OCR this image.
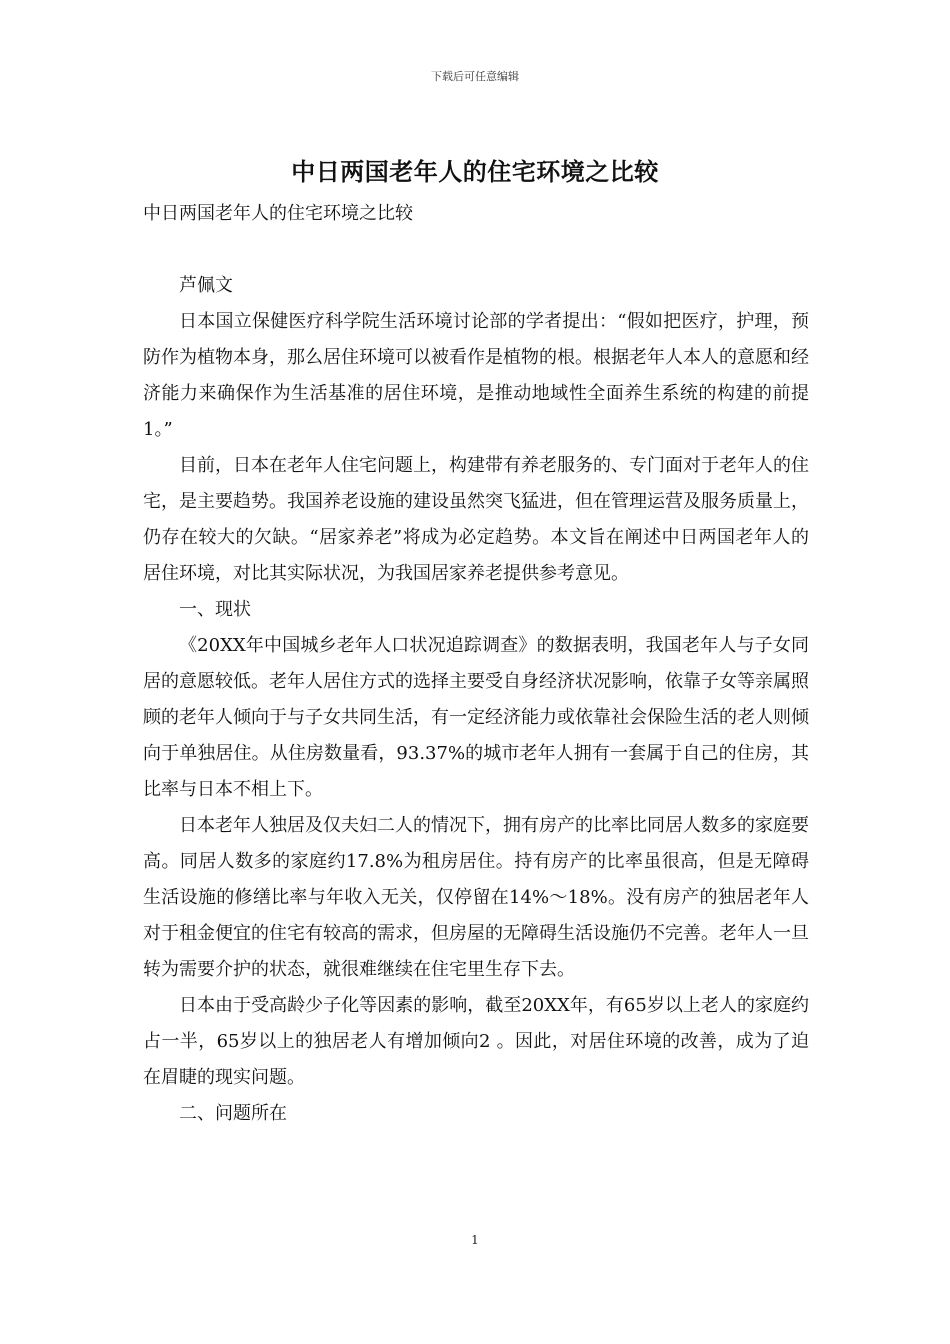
下载后可任意编辑
中日两国老年人的住宅环境之比较

中日两国老年人的住宅环境之比较

芦佩文

日本国立保健医疗科学院生活环境讨论部的学者提出：“假如把医疗，护理，预防作为植物本身，那么居住环境可以被看作是植物的根。根据老年人本人的意愿和经济能力来确保作为生活基准的居住环境，是推动地域性全面养生系统的构建的前提1。”

目前，日本在老年人住宅问题上，构建带有养老服务的、专门面对于老年人的住宅，是主要趋势。我国养老设施的建设虽然突飞猛进，但在管理运营及服务质量上，仍存在较大的欠缺。“居家养老”将成为必定趋势。本文旨在阐述中日两国老年人的居住环境，对比其实际状况，为我国居家养老提供参考意见。

一、现状

《20XX年中国城乡老年人口状况追踪调查》的数据表明，我国老年人与子女同居的意愿较低。老年人居住方式的选择主要受自身经济状况影响，依靠子女等亲属照顾的老年人倾向于与子女共同生活，有一定经济能力或依靠社会保险生活的老人则倾向于单独居住。从住房数量看，93.37%的城市老年人拥有一套属于自己的住房，其比率与日本不相上下。

日本老年人独居及仅夫妇二人的情况下，拥有房产的比率比同居人数多的家庭要高。同居人数多的家庭约17.8%为租房居住。持有房产的比率虽很高，但是无障碍生活设施的修缮比率与年收入无关，仅停留在14%～18%。没有房产的独居老年人对于租金便宜的住宅有较高的需求，但房屋的无障碍生活设施仍不完善。老年人一旦转为需要介护的状态，就很难继续在住宅里生存下去。

日本由于受高龄少子化等因素的影响，截至20XX年，有65岁以上老人的家庭约占一半，65岁以上的独居老人有增加倾向2 。因此，对居住环境的改善，成为了迫在眉睫的现实问题。

二、问题所在

1
